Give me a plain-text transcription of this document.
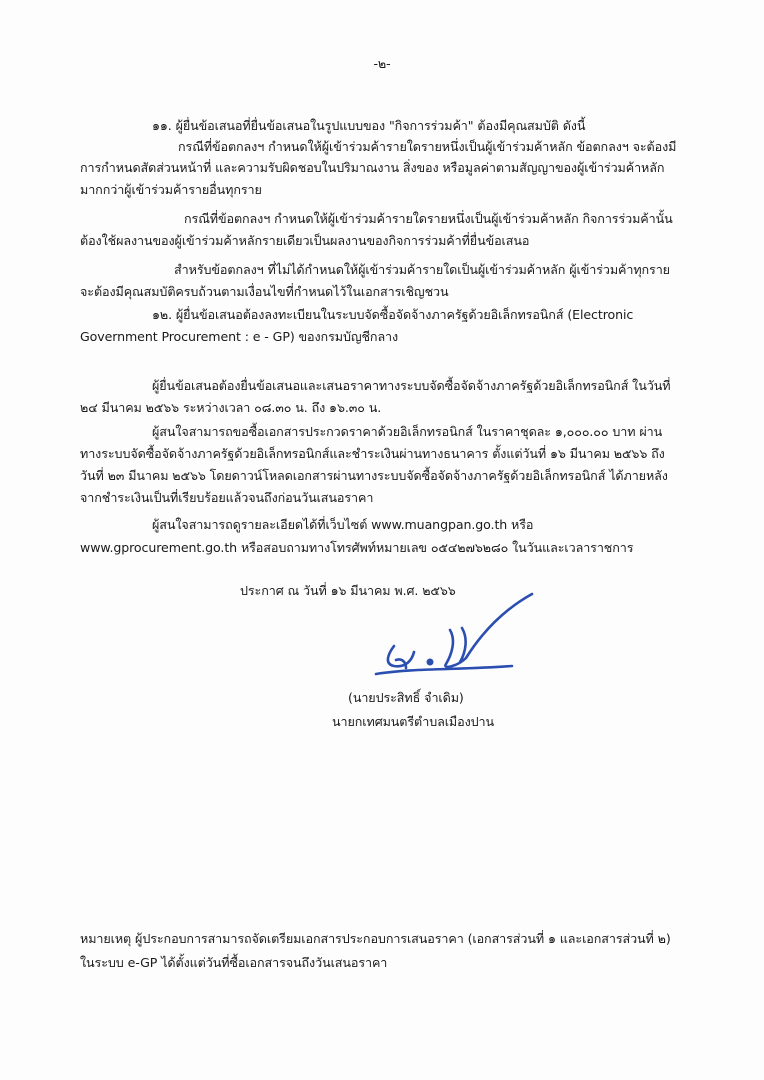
-๒-

๑๑. ผู้ยื่นข้อเสนอที่ยื่นข้อเสนอในรูปแบบของ "กิจการร่วมค้า" ต้องมีคุณสมบัติ ดังนี้

กรณีที่ข้อตกลงฯ กำหนดให้ผู้เข้าร่วมค้ารายใดรายหนึ่งเป็นผู้เข้าร่วมค้าหลัก ข้อตกลงฯ จะต้องมี

การกำหนดสัดส่วนหน้าที่ และความรับผิดชอบในปริมาณงาน สิ่งของ หรือมูลค่าตามสัญญาของผู้เข้าร่วมค้าหลัก

มากกว่าผู้เข้าร่วมค้ารายอื่นทุกราย

กรณีที่ข้อตกลงฯ กำหนดให้ผู้เข้าร่วมค้ารายใดรายหนึ่งเป็นผู้เข้าร่วมค้าหลัก กิจการร่วมค้านั้น

ต้องใช้ผลงานของผู้เข้าร่วมค้าหลักรายเดียวเป็นผลงานของกิจการร่วมค้าที่ยื่นข้อเสนอ

สำหรับข้อตกลงฯ ที่ไม่ได้กำหนดให้ผู้เข้าร่วมค้ารายใดเป็นผู้เข้าร่วมค้าหลัก ผู้เข้าร่วมค้าทุกราย

จะต้องมีคุณสมบัติครบถ้วนตามเงื่อนไขที่กำหนดไว้ในเอกสารเชิญชวน

๑๒. ผู้ยื่นข้อเสนอต้องลงทะเบียนในระบบจัดซื้อจัดจ้างภาครัฐด้วยอิเล็กทรอนิกส์ (Electronic

Government Procurement : e - GP) ของกรมบัญชีกลาง

ผู้ยื่นข้อเสนอต้องยื่นข้อเสนอและเสนอราคาทางระบบจัดซื้อจัดจ้างภาครัฐด้วยอิเล็กทรอนิกส์ ในวันที่

๒๔ มีนาคม ๒๕๖๖ ระหว่างเวลา ๐๘.๓๐ น. ถึง ๑๖.๓๐ น.

ผู้สนใจสามารถขอซื้อเอกสารประกวดราคาด้วยอิเล็กทรอนิกส์ ในราคาชุดละ ๑,๐๐๐.๐๐ บาท ผ่าน

ทางระบบจัดซื้อจัดจ้างภาครัฐด้วยอิเล็กทรอนิกส์และชำระเงินผ่านทางธนาคาร ตั้งแต่วันที่ ๑๖ มีนาคม ๒๕๖๖ ถึง

วันที่ ๒๓ มีนาคม ๒๕๖๖ โดยดาวน์โหลดเอกสารผ่านทางระบบจัดซื้อจัดจ้างภาครัฐด้วยอิเล็กทรอนิกส์ ได้ภายหลัง

จากชำระเงินเป็นที่เรียบร้อยแล้วจนถึงก่อนวันเสนอราคา

ผู้สนใจสามารถดูรายละเอียดได้ที่เว็บไซต์ www.muangpan.go.th หรือ

www.gprocurement.go.th หรือสอบถามทางโทรศัพท์หมายเลข ๐๕๔๒๗๖๒๘๐ ในวันและเวลาราชการ

ประกาศ ณ วันที่ ๑๖ มีนาคม พ.ศ. ๒๕๖๖

(นายประสิทธิ์ จำเดิม)

นายกเทศมนตรีตำบลเมืองปาน

หมายเหตุ ผู้ประกอบการสามารถจัดเตรียมเอกสารประกอบการเสนอราคา (เอกสารส่วนที่ ๑ และเอกสารส่วนที่ ๒)

ในระบบ e-GP ได้ตั้งแต่วันที่ซื้อเอกสารจนถึงวันเสนอราคา
